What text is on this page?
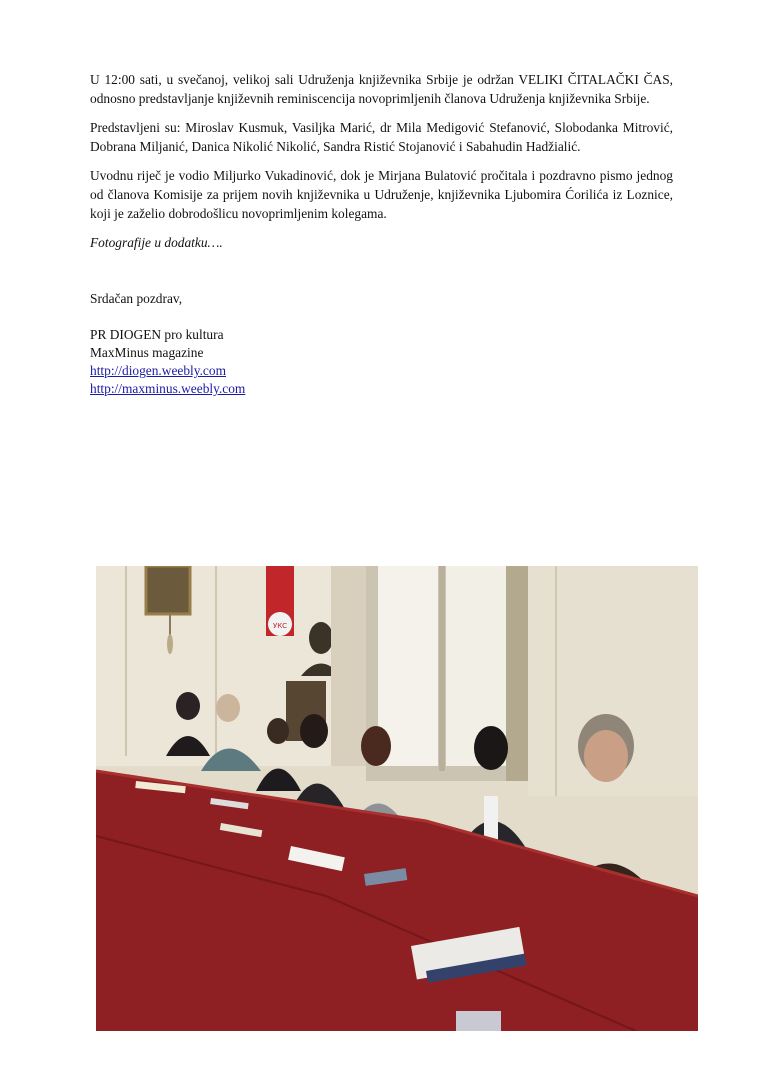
U 12:00 sati, u svečanoj, velikoj sali Udruženja književnika Srbije je održan VELIKI ČITALAČKI ČAS, odnosno predstavljanje književnih reminiscencija novoprimljenih članova Udruženja književnika Srbije.

Predstavljeni su: Miroslav Kusmuk, Vasiljka Marić, dr Mila Medigović Stefanović, Slobodanka Mitrović, Dobrana Miljanić, Danica Nikolić Nikolić, Sandra Ristić Stojanović i Sabahudin Hadžialić.

Uvodnu riječ je vodio Miljurko Vukadinović, dok je Mirjana Bulatović pročitala i pozdravno pismo jednog od članova Komisije za prijem novih književnika u Udruženje, književnika Ljubomira Ćorilića iz Loznice, koji je zaželio dobrodošlicu novoprimljenim kolegama.

Fotografije u dodatku….

Srdačan pozdrav,
PR DIOGEN pro kultura
MaxMinus magazine
http://diogen.weebly.com
http://maxminus.weebly.com
УКС
